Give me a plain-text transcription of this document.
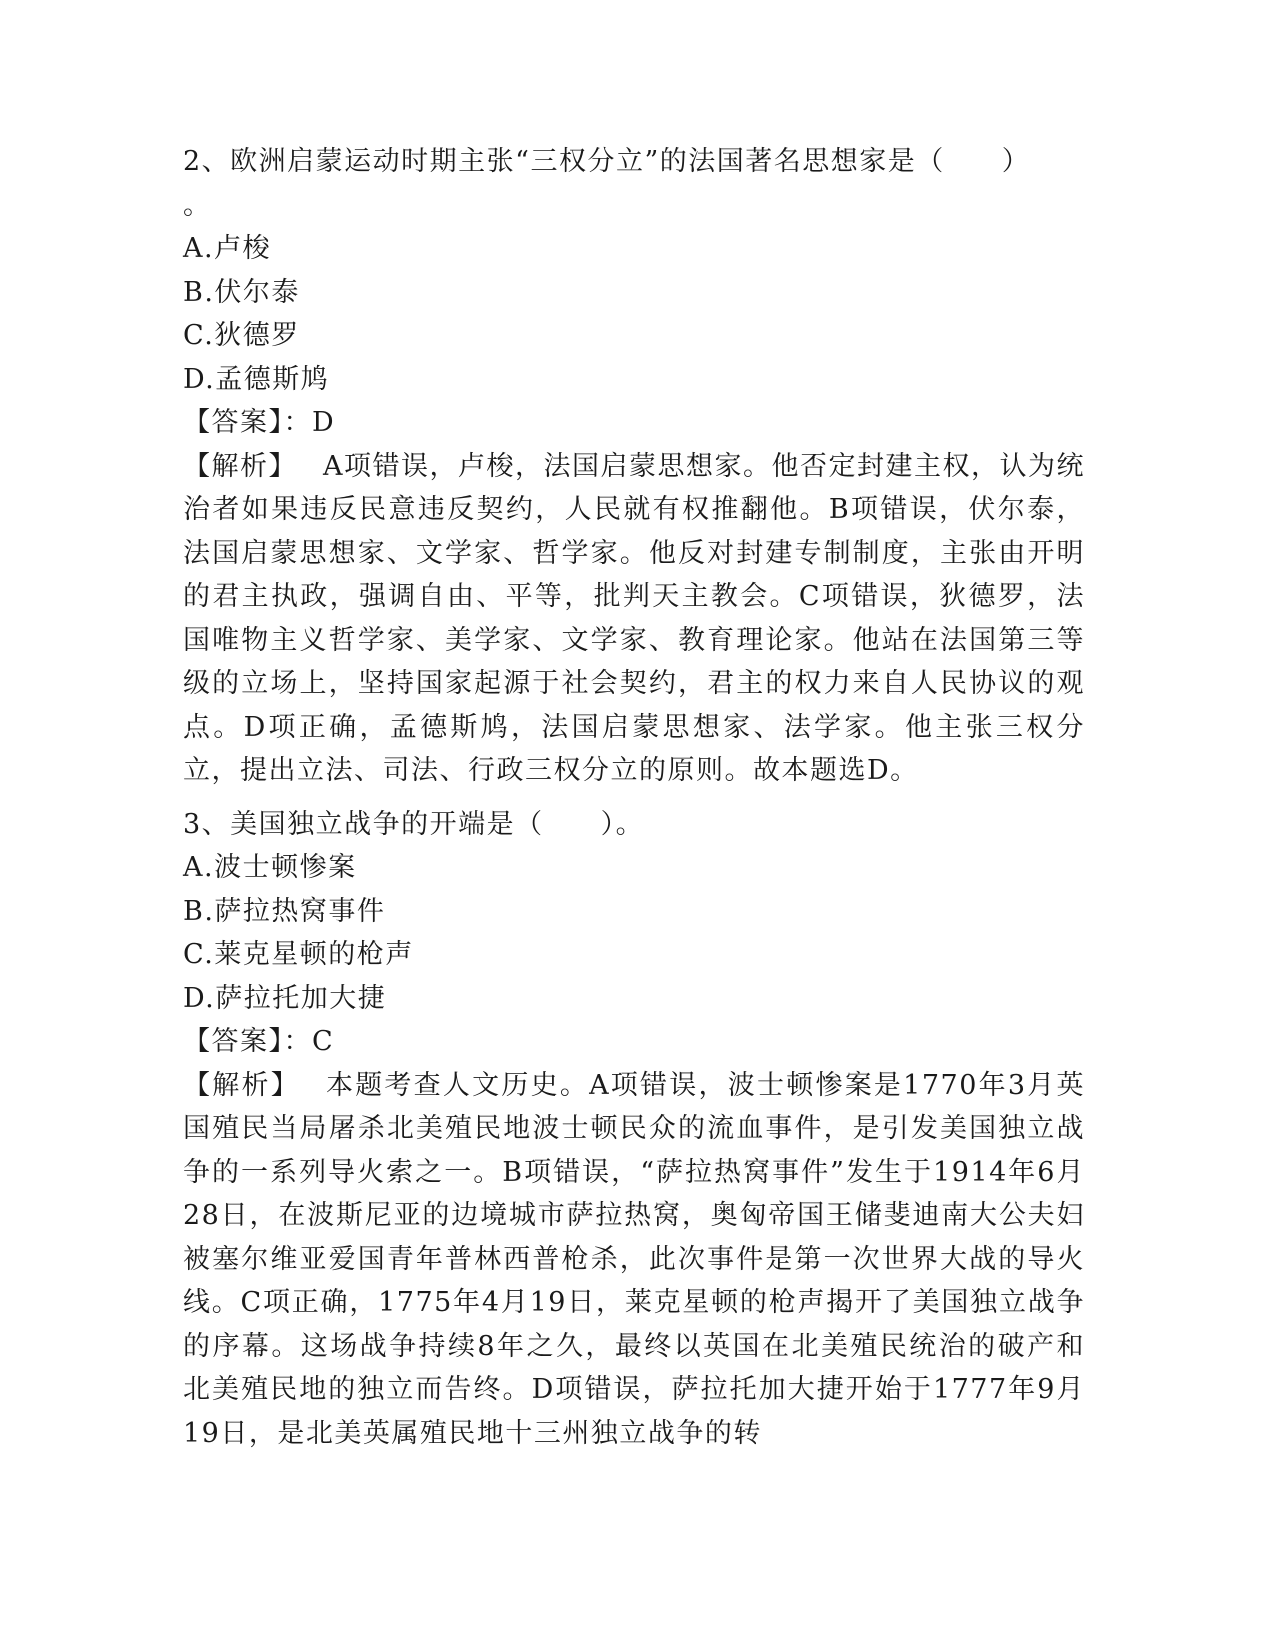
2、欧洲启蒙运动时期主张“三权分立”的法国著名思想家是（　　）
。
A.卢梭
B.伏尔泰
C.狄德罗
D.孟德斯鸠
【答案】：D
【解析】 A项错误，卢梭，法国启蒙思想家。他否定封建主权，认为统治者如果违反民意违反契约，人民就有权推翻他。B项错误，伏尔泰，法国启蒙思想家、文学家、哲学家。他反对封建专制制度，主张由开明的君主执政，强调自由、平等，批判天主教会。C项错误，狄德罗，法国唯物主义哲学家、美学家、文学家、教育理论家。他站在法国第三等级的立场上，坚持国家起源于社会契约，君主的权力来自人民协议的观点。D项正确，孟德斯鸠，法国启蒙思想家、法学家。他主张三权分立，提出立法、司法、行政三权分立的原则。故本题选D。
3、美国独立战争的开端是（　　）。
A.波士顿惨案
B.萨拉热窝事件
C.莱克星顿的枪声
D.萨拉托加大捷
【答案】：C
【解析】 本题考查人文历史。A项错误，波士顿惨案是1770年3月英国殖民当局屠杀北美殖民地波士顿民众的流血事件，是引发美国独立战争的一系列导火索之一。B项错误，“萨拉热窝事件”发生于1914年6月28日，在波斯尼亚的边境城市萨拉热窝，奥匈帝国王储斐迪南大公夫妇被塞尔维亚爱国青年普林西普枪杀，此次事件是第一次世界大战的导火线。C项正确，1775年4月19日，莱克星顿的枪声揭开了美国独立战争的序幕。这场战争持续8年之久，最终以英国在北美殖民统治的破产和北美殖民地的独立而告终。D项错误，萨拉托加大捷开始于1777年9月19日，是北美英属殖民地十三州独立战争的转
